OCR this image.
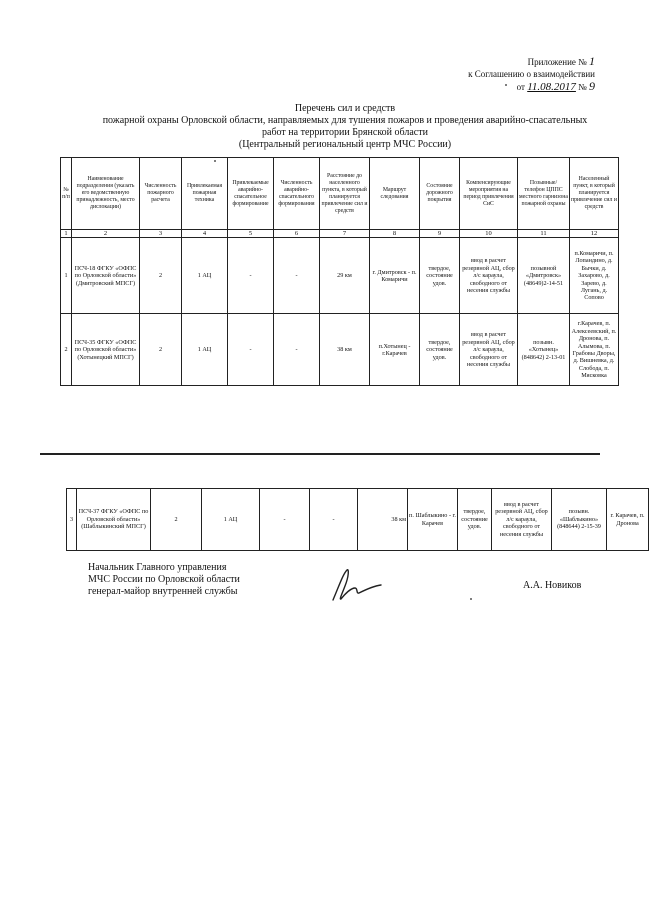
Приложение № 1
к Соглашению о взаимодействии
от 11.08.2017 № 9
Перечень сил и средств
пожарной охраны Орловской области, направляемых для тушения пожаров и проведения аварийно-спасательных
работ на территории Брянской области
(Центральный региональный центр МЧС России)
№ п/п	Наименование подразделения (указать его ведомственную принадлежность, место дислокации)	Численность пожарного расчета	Привлекаемая пожарная техника	Привлекаемые аварийно-спасательное формирование	Численность аварийно-спасательного формирования	Расстояние до населенного пункта, в который планируется привлечение сил и средств	Маршрут следования	Состояние дорожного покрытия	Компенсирующие мероприятия на период привлечения СиС	Позывные/ телефон ЦППС местного гарнизона пожарной охраны	Населенный пункт, в который планируется привлечение сил и средств
1	2	3	4	5	6	7	8	9	10	11	12
1	ПСЧ-18 ФГКУ «ОФПС по Орловской области» (Дмитровский МПСГ)	2	1 АЦ	-	-	29 км	г. Дмитровск - п. Комаричи	твердое, состояние удов.	ввод в расчет резервной АЦ, сбор л/с караула, свободного от несения службы	позывной «Дмитровск» (48649)2-14-51	п.Комаричи, п. Лопандино, д. Бычки, д. Захарово, д. Зарево, д. Лугань, д. Сопово
2	ПСЧ-35 ФГКУ «ОФПС по Орловской области» (Хотынецкий МПСГ)	2	1 АЦ	-	-	38 км	п.Хотынец - г.Карачев	твердое, состояние удов.	ввод в расчет резервной АЦ, сбор л/с караула, свободного от несения службы	позывн. «Хотынец» (848642) 2-13-01	г.Карачев, п. Алексеевский, п. Дронова, п. Алымова, п. Грабовы Дворы, д. Вишневка, д. Слобода, п. Мясковка
3	ПСЧ-37 ФГКУ «ОФПС по Орловской области» (Шаблыкинский МПСГ)	2	1 АЦ	-	-	38 км	п. Шаблыкино - г. Карачев	твердое, состояние удов.	ввод в расчет резервной АЦ, сбор л/с караула, свободного от несения службы	позывн. «Шаблыкино» (848644) 2-15-39	г. Карачев, п. Дронова
Начальник Главного управления
МЧС России по Орловской области
генерал-майор внутренней службы
А.А. Новиков
